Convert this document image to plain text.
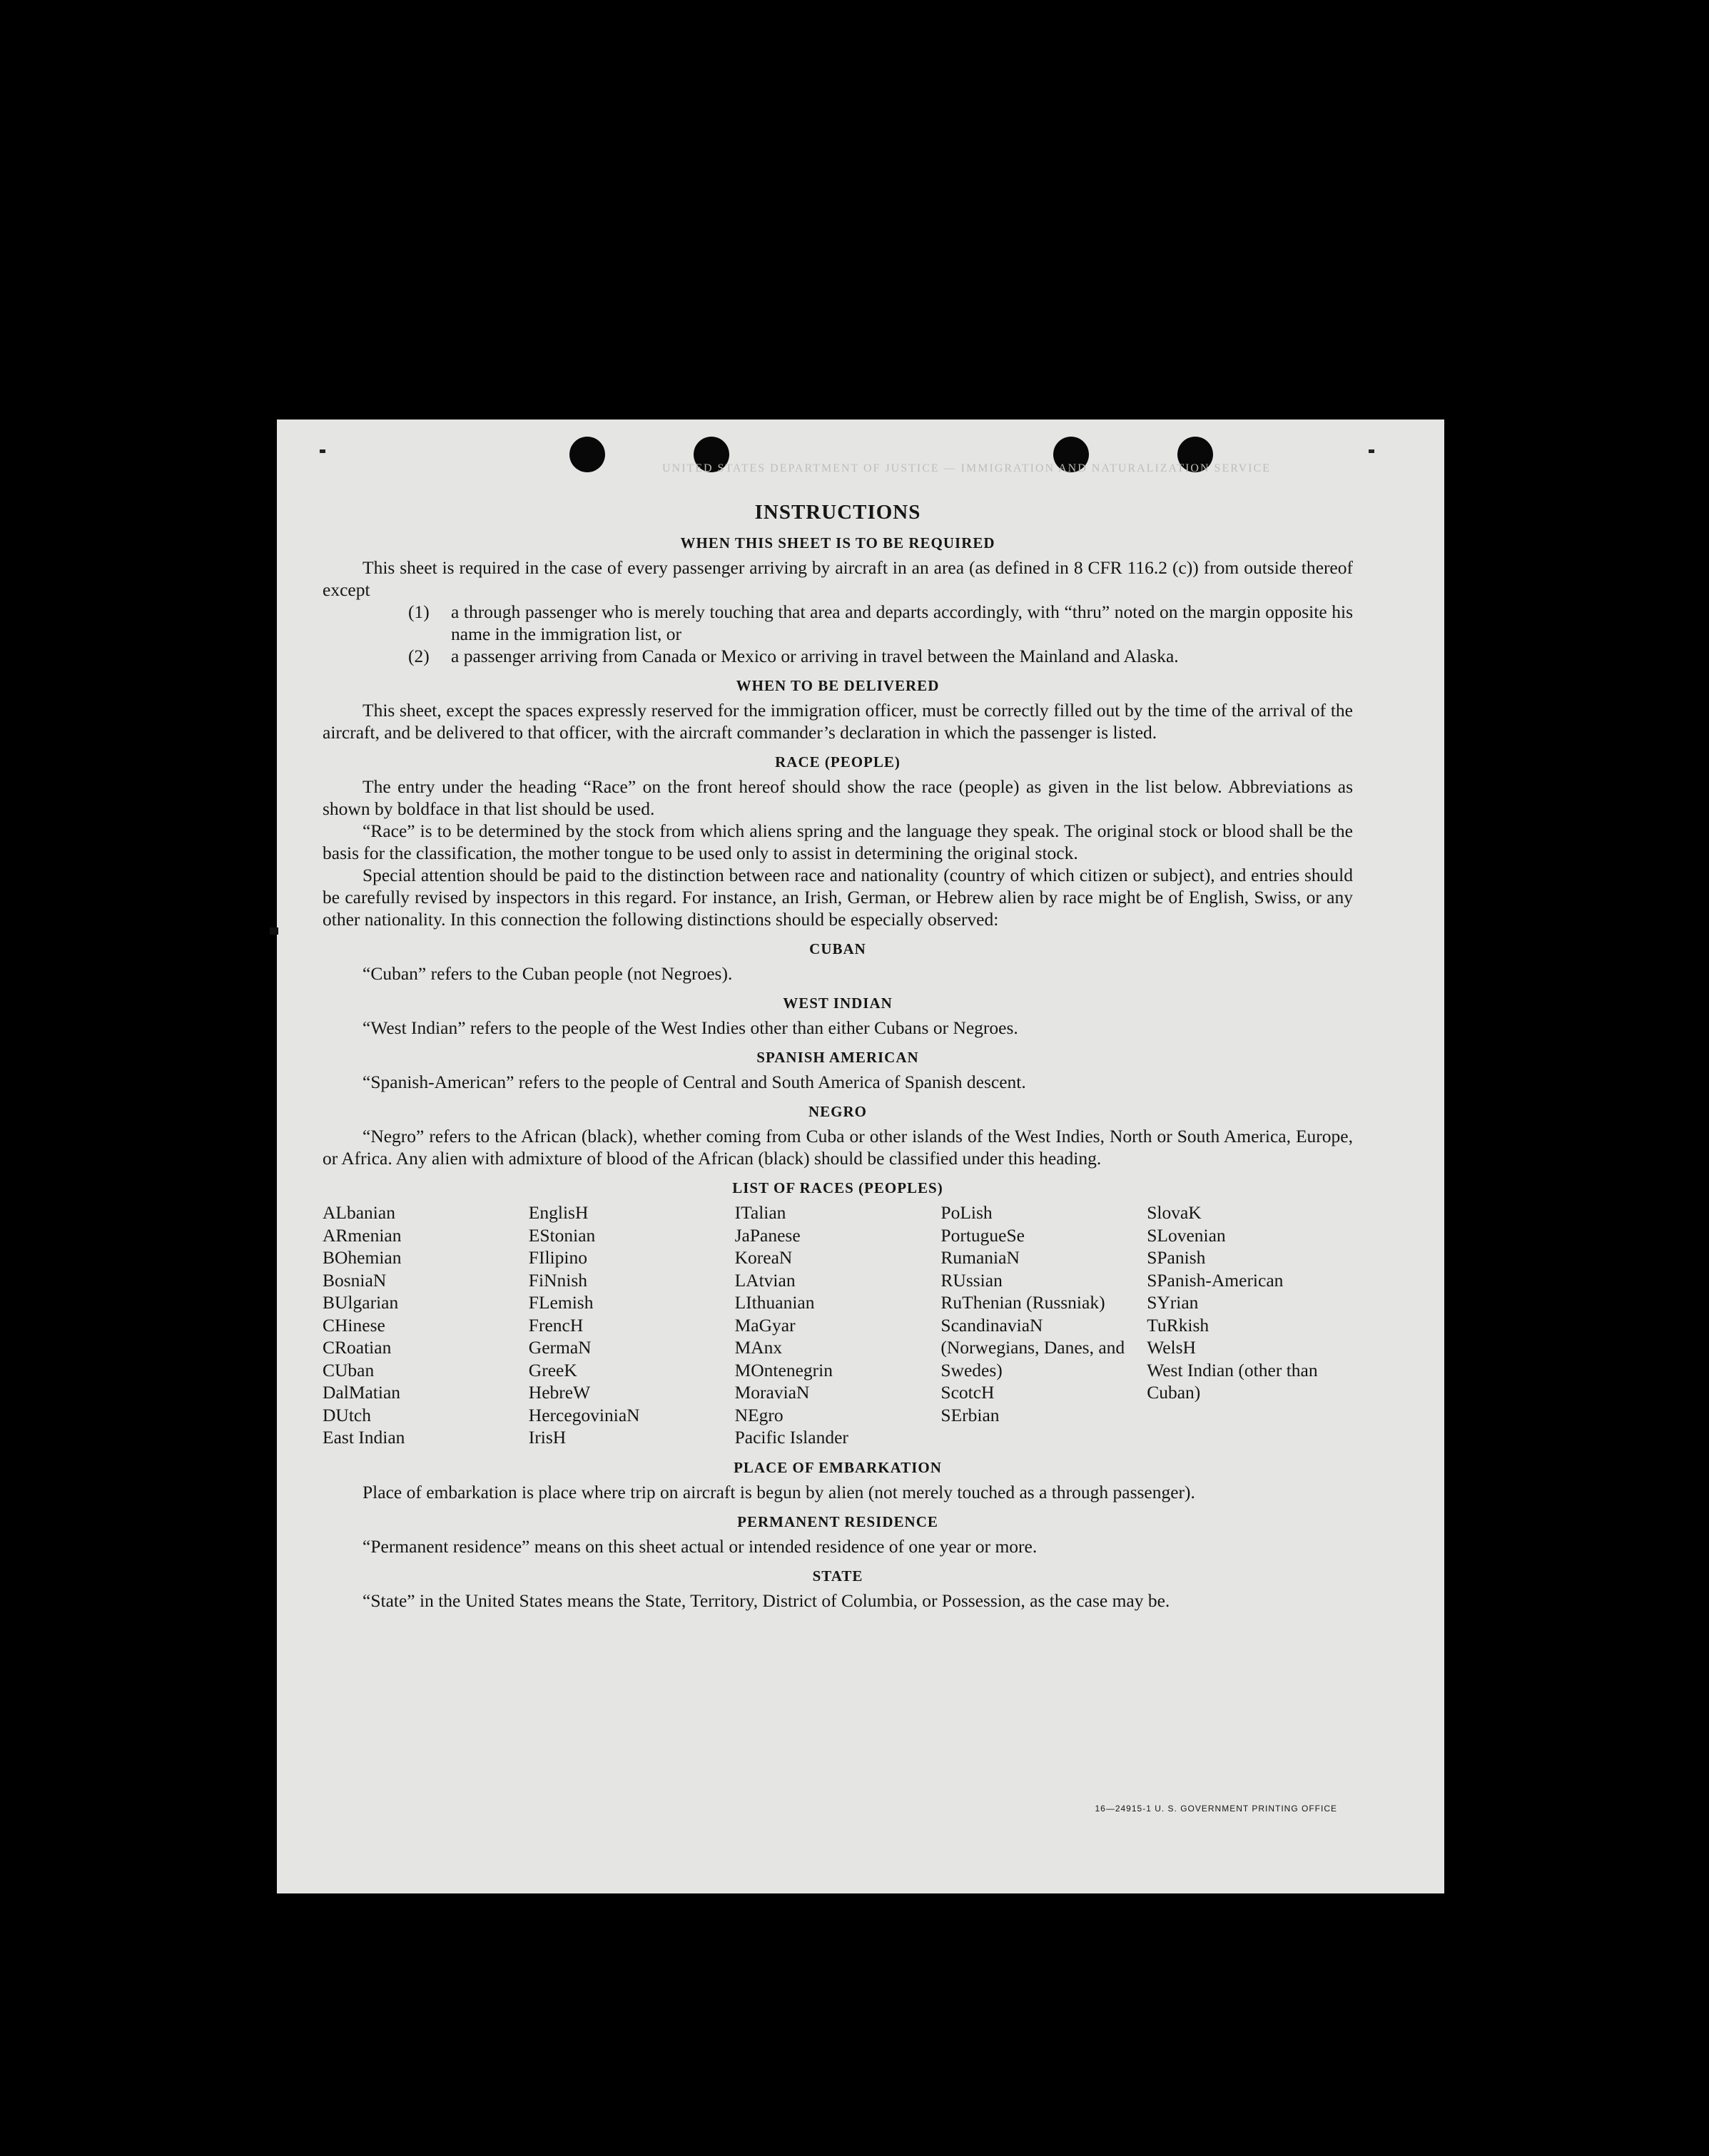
UNITED STATES DEPARTMENT OF JUSTICE — IMMIGRATION AND NATURALIZATION SERVICE
INSTRUCTIONS
WHEN THIS SHEET IS TO BE REQUIRED

This sheet is required in the case of every passenger arriving by aircraft in an area (as defined in 8 CFR 116.2 (c)) from outside thereof except

(1)	a through passenger who is merely touching that area and departs accordingly, with “thru” noted on the margin opposite his name in the immigration list, or
(2)	a passenger arriving from Canada or Mexico or arriving in travel between the Mainland and Alaska.
WHEN TO BE DELIVERED

This sheet, except the spaces expressly reserved for the immigration officer, must be correctly filled out by the time of the arrival of the aircraft, and be delivered to that officer, with the aircraft commander’s declaration in which the passenger is listed.

RACE (PEOPLE)

The entry under the heading “Race” on the front hereof should show the race (people) as given in the list below. Abbreviations as shown by boldface in that list should be used.

“Race” is to be determined by the stock from which aliens spring and the language they speak. The original stock or blood shall be the basis for the classification, the mother tongue to be used only to assist in determining the original stock.

Special attention should be paid to the distinction between race and nationality (country of which citizen or subject), and entries should be carefully revised by inspectors in this regard. For instance, an Irish, German, or Hebrew alien by race might be of English, Swiss, or any other nationality. In this connection the following distinctions should be especially observed:

CUBAN

“Cuban” refers to the Cuban people (not Negroes).

WEST INDIAN

“West Indian” refers to the people of the West Indies other than either Cubans or Negroes.

SPANISH AMERICAN

“Spanish-American” refers to the people of Central and South America of Spanish descent.

NEGRO

“Negro” refers to the African (black), whether coming from Cuba or other islands of the West Indies, North or South America, Europe, or Africa. Any alien with admixture of blood of the African (black) should be classified under this heading.

LIST OF RACES (PEOPLES)
ALbanian
ARmenian
BOhemian
BosniaN
BUlgarian
CHinese
CRoatian
CUban
DalMatian
DUtch
East Indian
EnglisH
EStonian
FIlipino
FiNnish
FLemish
FrencH
GermaN
GreeK
HebreW
HercegoviniaN
IrisH
ITalian
JaPanese
KoreaN
LAtvian
LIthuanian
MaGyar
MAnx
MOntenegrin
MoraviaN
NEgro
Pacific Islander
PoLish
PortugueSe
RumaniaN
RUssian
RuThenian (Russniak)
ScandinaviaN (Norwegians, Danes, and Swedes)
ScotcH
SErbian
SlovaK
SLovenian
SPanish
SPanish-American
SYrian
TuRkish
WelsH
West Indian (other than Cuban)
PLACE OF EMBARKATION

Place of embarkation is place where trip on aircraft is begun by alien (not merely touched as a through passenger).

PERMANENT RESIDENCE

“Permanent residence” means on this sheet actual or intended residence of one year or more.

STATE

“State” in the United States means the State, Territory, District of Columbia, or Possession, as the case may be.

16—24915-1 U. S. GOVERNMENT PRINTING OFFICE
